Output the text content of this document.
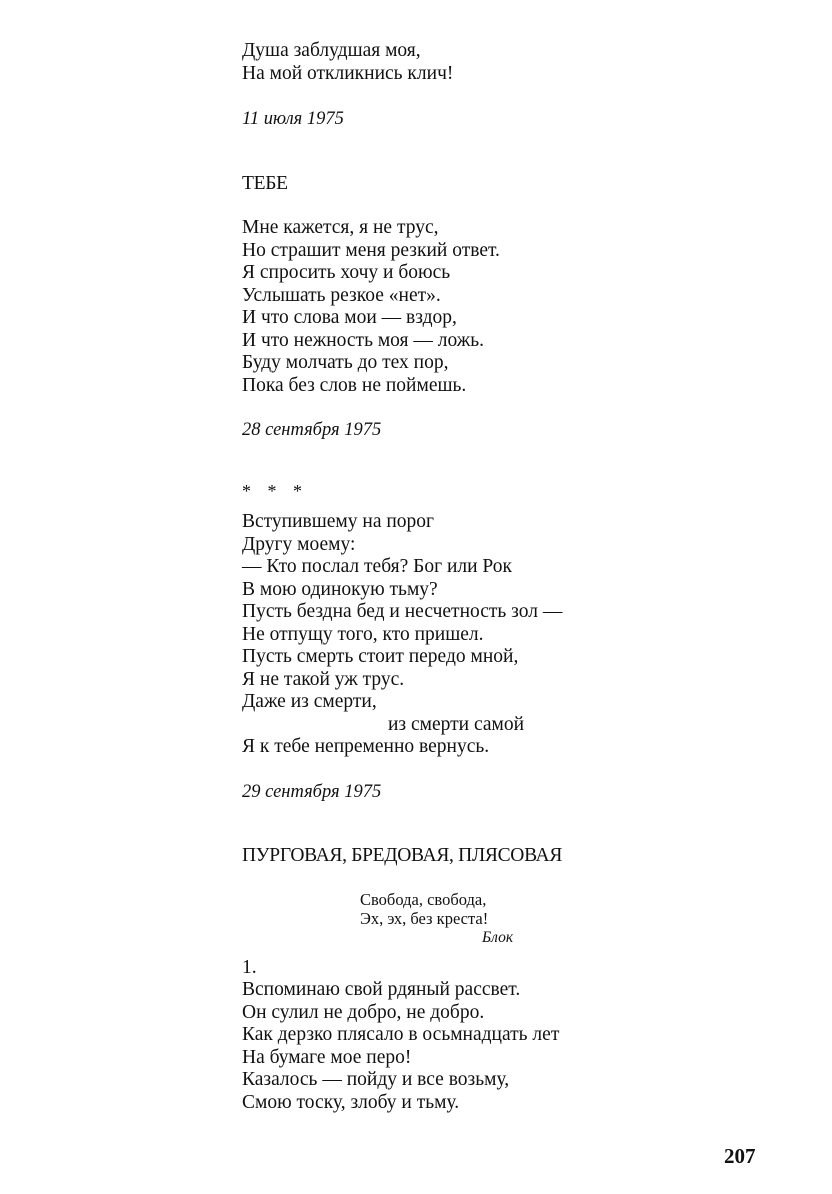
Душа заблудшая моя,
На мой откликнись клич!
11 июля 1975
ТЕБЕ
Мне кажется, я не трус,
Но страшит меня резкий ответ.
Я спросить хочу и боюсь
Услышать резкое «нет».
И что слова мои — вздор,
И что нежность моя — ложь.
Буду молчать до тех пор,
Пока без слов не поймешь.
28 сентября 1975
* * *
Вступившему на порог
Другу моему:
— Кто послал тебя? Бог или Рок
В мою одинокую тьму?
Пусть бездна бед и несчетность зол —
Не отпущу того, кто пришел.
Пусть смерть стоит передо мной,
Я не такой уж трус.
Даже из смерти,
из смерти самой
Я к тебе непременно вернусь.
29 сентября 1975
ПУРГОВАЯ, БРЕДОВАЯ, ПЛЯСОВАЯ
1.
Вспоминаю свой рдяный рассвет.
Он сулил не добро, не добро.
Как дерзко плясало в осьмнадцать лет
На бумаге мое перо!
Казалось — пойду и все возьму,
Смою тоску, злобу и тьму.
Свобода, свобода,
Эх, эх, без креста!
Блок
207
